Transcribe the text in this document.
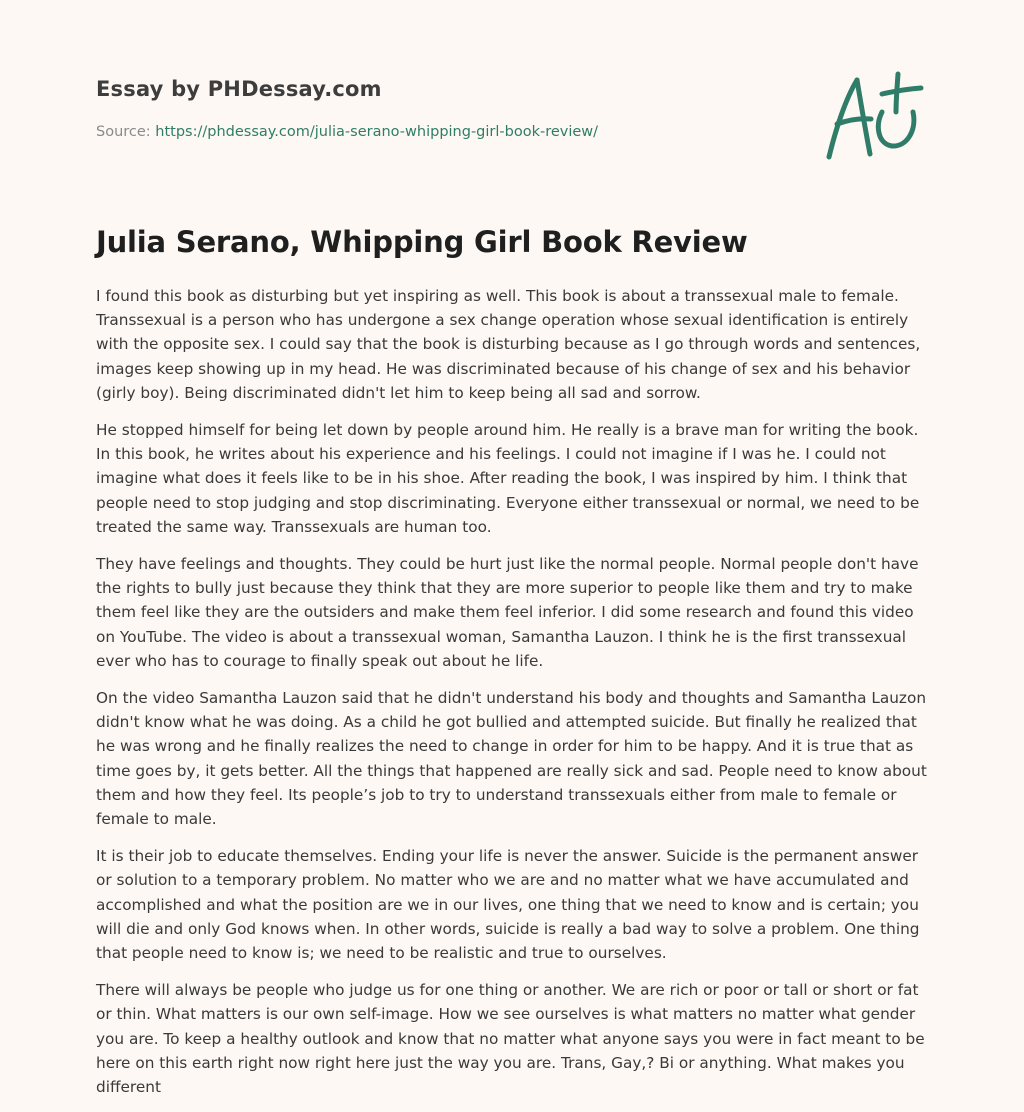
Essay by PHDessay.com
Source: https://phdessay.com/julia-serano-whipping-girl-book-review/
Julia Serano, Whipping Girl Book Review

I found this book as disturbing but yet inspiring as well. This book is about a transsexual male to female. Transsexual is a person who has undergone a sex change operation whose sexual identification is entirely with the opposite sex. I could say that the book is disturbing because as I go through words and sentences, images keep showing up in my head. He was discriminated because of his change of sex and his behavior (girly boy). Being discriminated didn't let him to keep being all sad and sorrow.

He stopped himself for being let down by people around him. He really is a brave man for writing the book. In this book, he writes about his experience and his feelings. I could not imagine if I was he. I could not imagine what does it feels like to be in his shoe. After reading the book, I was inspired by him. I think that people need to stop judging and stop discriminating. Everyone either transsexual or normal, we need to be treated the same way. Transsexuals are human too.

They have feelings and thoughts. They could be hurt just like the normal people. Normal people don't have the rights to bully just because they think that they are more superior to people like them and try to make them feel like they are the outsiders and make them feel inferior. I did some research and found this video on YouTube. The video is about a transsexual woman, Samantha Lauzon. I think he is the first transsexual ever who has to courage to finally speak out about he life.

On the video Samantha Lauzon said that he didn't understand his body and thoughts and Samantha Lauzon didn't know what he was doing. As a child he got bullied and attempted suicide. But finally he realized that he was wrong and he finally realizes the need to change in order for him to be happy. And it is true that as time goes by, it gets better. All the things that happened are really sick and sad. People need to know about them and how they feel. Its people’s job to try to understand transsexuals either from male to female or female to male.

It is their job to educate themselves. Ending your life is never the answer. Suicide is the permanent answer or solution to a temporary problem. No matter who we are and no matter what we have accumulated and accomplished and what the position are we in our lives, one thing that we need to know and is certain; you will die and only God knows when. In other words, suicide is really a bad way to solve a problem. One thing that people need to know is; we need to be realistic and true to ourselves.

There will always be people who judge us for one thing or another. We are rich or poor or tall or short or fat or thin. What matters is our own self-image. How we see ourselves is what matters no matter what gender you are. To keep a healthy outlook and know that no matter what anyone says you were in fact meant to be here on this earth right now right here just the way you are. Trans, Gay,? Bi or anything. What makes you different
